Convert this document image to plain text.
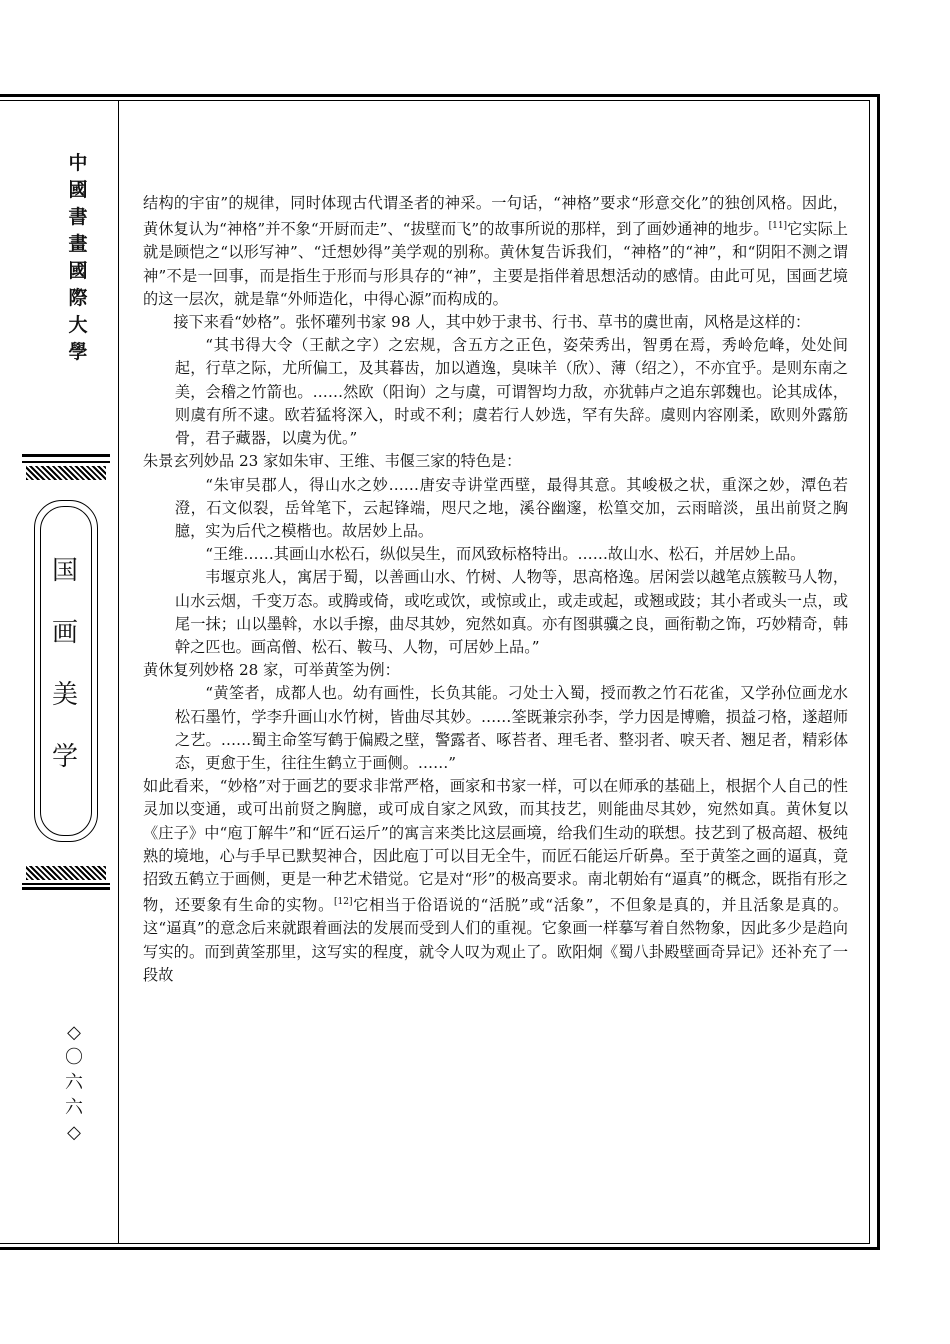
中國書畫國際大學
国
画
美
学
◇〇六六◇

结构的宇宙”的规律，同时体现古代谓圣者的神采。一句话，“神格”要求“形意交化”的独创风格。因此，黄休复认为“神格”并不象“开厨而走”、“拔壁而飞”的故事所说的那样，到了画妙通神的地步。[11]它实际上就是顾恺之“以形写神”、“迁想妙得”美学观的别称。黄休复告诉我们，“神格”的“神”，和“阴阳不测之谓神”不是一回事，而是指生于形而与形具存的“神”，主要是指伴着思想活动的感情。由此可见，国画艺境的这一层次，就是靠“外师造化，中得心源”而构成的。

接下来看“妙格”。张怀瓘列书家 98 人，其中妙于隶书、行书、草书的虞世南，风格是这样的：

“其书得大令（王献之字）之宏规，含五方之正色，姿荣秀出，智勇在焉，秀岭危峰，处处间起，行草之际，尤所偏工，及其暮齿，加以遒逸，臭味羊（欣）、薄（绍之），不亦宜乎。是则东南之美，会稽之竹箭也。……然欧（阳询）之与虞，可谓智均力敌，亦犹韩卢之追东郭魏也。论其成体，则虞有所不逮。欧若猛将深入，时或不利；虞若行人妙选，罕有失辞。虞则内容刚柔，欧则外露筋骨，君子藏器，以虞为优。”

朱景玄列妙品 23 家如朱审、王维、韦偃三家的特色是：

“朱审吴郡人，得山水之妙……唐安寺讲堂西壁，最得其意。其峻极之状，重深之妙，潭色若澄，石文似裂，岳耸笔下，云起锋端，咫尺之地，溪谷幽邃，松篁交加，云雨暗淡，虽出前贤之胸臆，实为后代之模楷也。故居妙上品。

“王维……其画山水松石，纵似吴生，而风致标格特出。……故山水、松石，并居妙上品。

韦堰京兆人，寓居于蜀，以善画山水、竹树、人物等，思高格逸。居闲尝以越笔点簇鞍马人物，山水云烟，千变万态。或腾或倚，或吃或饮，或惊或止，或走或起，或翘或跂；其小者或头一点，或尾一抹；山以墨斡，水以手擦，曲尽其妙，宛然如真。亦有图骐骥之良，画衔勒之饰，巧妙精奇，韩幹之匹也。画高僧、松石、鞍马、人物，可居妙上品。”

黄休复列妙格 28 家，可举黄筌为例：

“黄筌者，成都人也。幼有画性，长负其能。刁处士入蜀，授而教之竹石花雀，又学孙位画龙水松石墨竹，学李升画山水竹树，皆曲尽其妙。……筌既兼宗孙李，学力因是博赡，损益刁格，遂超师之艺。……蜀主命筌写鹤于偏殿之壁，警露者、啄苔者、理毛者、整羽者、唳天者、翘足者，精彩体态，更愈于生，往往生鹤立于画侧。……”

如此看来，“妙格”对于画艺的要求非常严格，画家和书家一样，可以在师承的基础上，根据个人自己的性灵加以变通，或可出前贤之胸臆，或可成自家之风致，而其技艺，则能曲尽其妙，宛然如真。黄休复以《庄子》中“庖丁解牛”和“匠石运斤”的寓言来类比这层画境，给我们生动的联想。技艺到了极高超、极纯熟的境地，心与手早已默契神合，因此庖丁可以目无全牛，而匠石能运斤斫鼻。至于黄筌之画的逼真，竟招致五鹤立于画侧，更是一种艺术错觉。它是对“形”的极高要求。南北朝始有“逼真”的概念，既指有形之物，还要象有生命的实物。[12]它相当于俗语说的“活脱”或“活象”，不但象是真的，并且活象是真的。这“逼真”的意念后来就跟着画法的发展而受到人们的重视。它象画一样摹写着自然物象，因此多少是趋向写实的。而到黄筌那里，这写实的程度，就令人叹为观止了。欧阳炯《蜀八卦殿壁画奇异记》还补充了一段故
